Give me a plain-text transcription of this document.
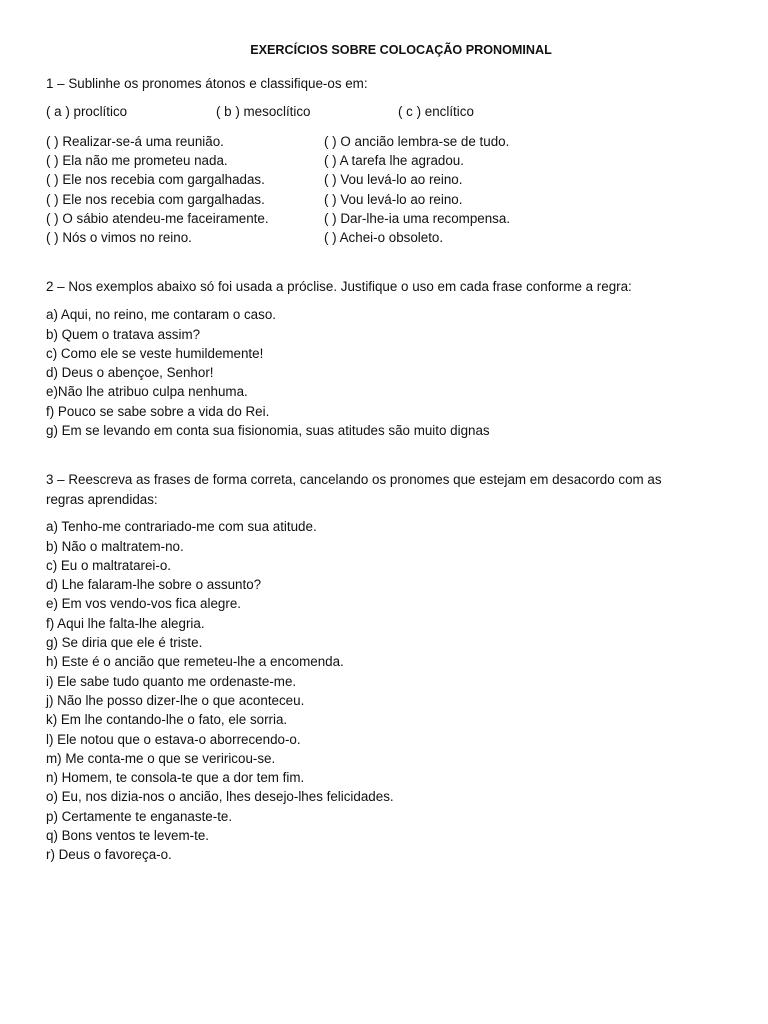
EXERCÍCIOS SOBRE COLOCAÇÃO PRONOMINAL

1 – Sublinhe os pronomes átonos e classifique-os em:

( a ) proclítico	( b ) mesoclítico	( c ) enclítico
( ) Realizar-se-á uma reunião.	( ) O ancião lembra-se de tudo.
( ) Ela não me prometeu nada.	( ) A tarefa lhe agradou.
( ) Ele nos recebia com gargalhadas.	( ) Vou levá-lo ao reino.
( ) Ele nos recebia com gargalhadas.	( ) Vou levá-lo ao reino.
( ) O sábio atendeu-me faceiramente.	( ) Dar-lhe-ia uma recompensa.
( ) Nós o vimos no reino.	( ) Achei-o obsoleto.

2 – Nos exemplos abaixo só foi usada a próclise. Justifique o uso em cada frase conforme a regra:

a) Aqui, no reino, me contaram o caso.
b) Quem o tratava assim?
c) Como ele se veste humildemente!
d) Deus o abençoe, Senhor!
e)Não lhe atribuo culpa nenhuma.
f) Pouco se sabe sobre a vida do Rei.
g) Em se levando em conta sua fisionomia, suas atitudes são muito dignas

3 – Reescreva as frases de forma correta, cancelando os pronomes que estejam em desacordo com as regras aprendidas:

a) Tenho-me contrariado-me com sua atitude.
b) Não o maltratem-no.
c) Eu o maltratarei-o.
d) Lhe falaram-lhe sobre o assunto?
e) Em vos vendo-vos fica alegre.
f) Aqui lhe falta-lhe alegria.
g) Se diria que ele é triste.
h) Este é o ancião que remeteu-lhe a encomenda.
i) Ele sabe tudo quanto me ordenaste-me.
j) Não lhe posso dizer-lhe o que aconteceu.
k) Em lhe contando-lhe o fato, ele sorria.
l) Ele notou que o estava-o aborrecendo-o.
m) Me conta-me o que se veriricou-se.
n) Homem, te consola-te que a dor tem fim.
o) Eu, nos dizia-nos o ancião, lhes desejo-lhes felicidades.
p) Certamente te enganaste-te.
q) Bons ventos te levem-te.
r) Deus o favoreça-o.
